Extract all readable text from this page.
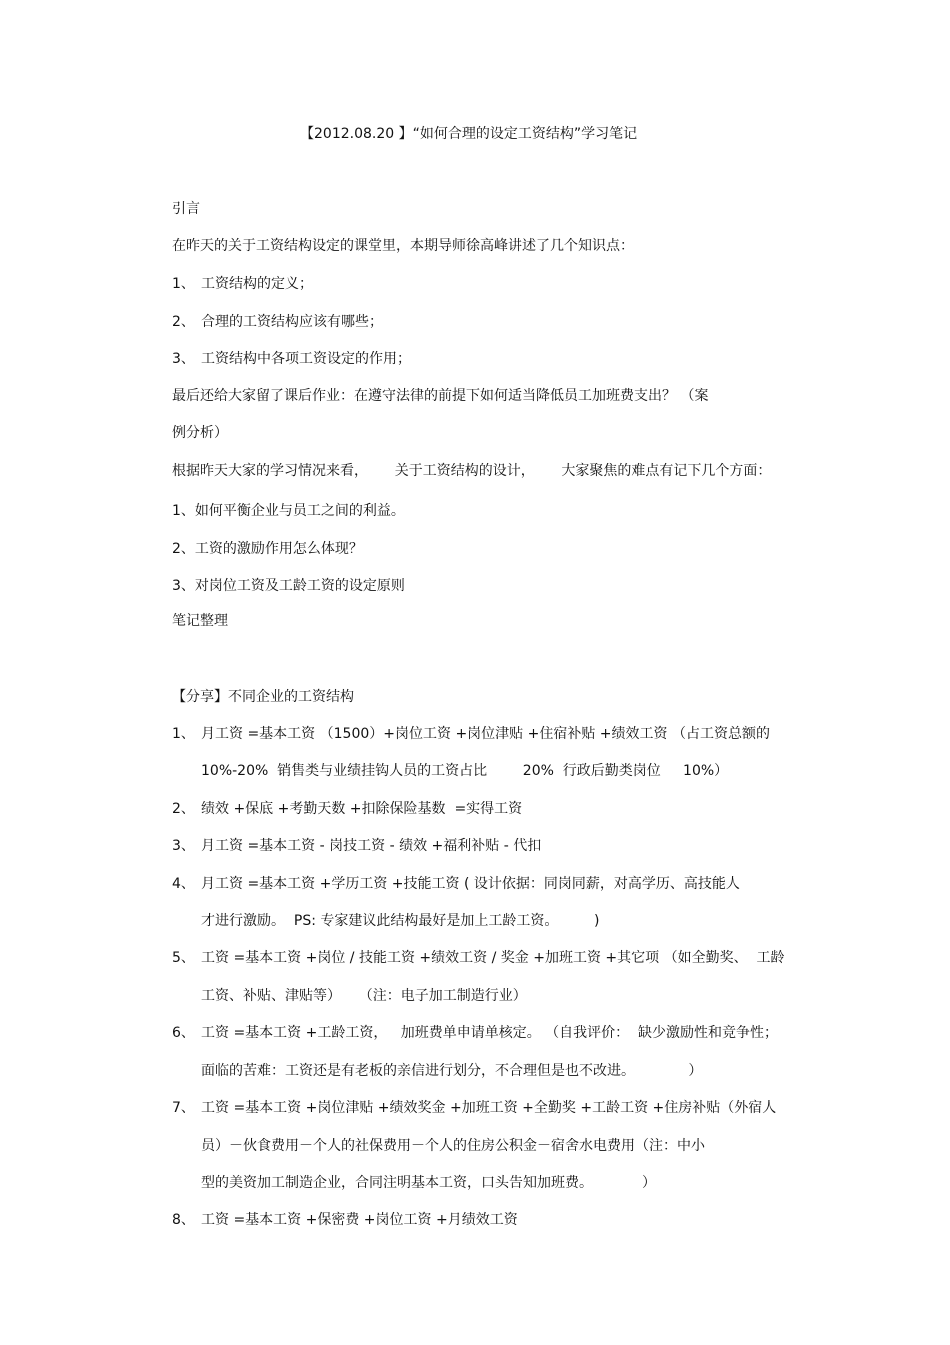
【2012.08.20 】“如何合理的设定工资结构”学习笔记
引言
在昨天的关于工资结构设定的课堂里，本期导师徐高峰讲述了几个知识点：
1、 工资结构的定义；
2、 合理的工资结构应该有哪些；
3、 工资结构中各项工资设定的作用；
最后还给大家留了课后作业：在遵守法律的前提下如何适当降低员工加班费支出？ （案
例分析）
根据昨天大家的学习情况来看，      关于工资结构的设计，      大家聚焦的难点有记下几个方面：
1、如何平衡企业与员工之间的利益。
2、工资的激励作用怎么体现？
3、对岗位工资及工龄工资的设定原则
笔记整理
【分享】不同企业的工资结构
1、 月工资 =基本工资 （1500）+岗位工资 +岗位津贴 +住宿补贴 +绩效工资 （占工资总额的
10%-20%  销售类与业绩挂钩人员的工资占比        20%  行政后勤类岗位     10%）
2、 绩效 +保底 +考勤天数 +扣除保险基数  =实得工资
3、 月工资 =基本工资 - 岗技工资 - 绩效 +福利补贴 - 代扣
4、 月工资 =基本工资 +学历工资 +技能工资 ( 设计依据：同岗同薪，对高学历、高技能人
才进行激励。  PS: 专家建议此结构最好是加上工龄工资。        )
5、 工资 =基本工资 +岗位 / 技能工资 +绩效工资 / 奖金 +加班工资 +其它项 （如全勤奖、  工龄
工资、补贴、津贴等）    （注：电子加工制造行业）
6、 工资 =基本工资 +工龄工资，   加班费单申请单核定。 （自我评价：  缺少激励性和竞争性；
面临的苦难：工资还是有老板的亲信进行划分，不合理但是也不改进。            ）
7、 工资 =基本工资 +岗位津贴 +绩效奖金 +加班工资 +全勤奖 +工龄工资 +住房补贴（外宿人
员）－伙食费用－个人的社保费用－个人的住房公积金－宿舍水电费用（注：中小
型的美资加工制造企业，合同注明基本工资，口头告知加班费。           ）
8、 工资 =基本工资 +保密费 +岗位工资 +月绩效工资
